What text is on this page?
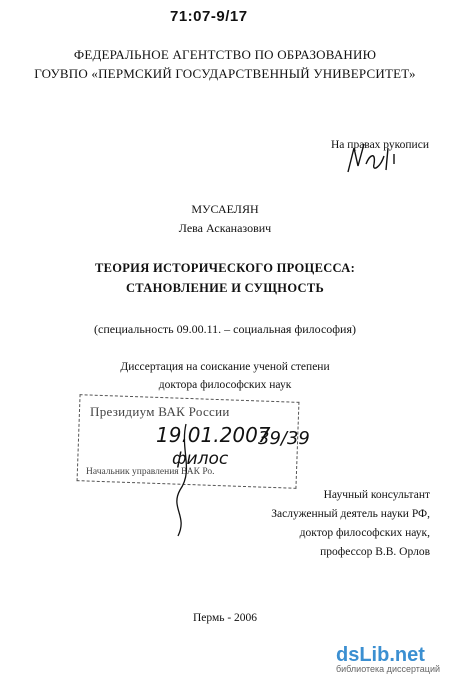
71:07-9/17
ФЕДЕРАЛЬНОЕ АГЕНТСТВО ПО ОБРАЗОВАНИЮ
ГОУВПО «ПЕРМСКИЙ ГОСУДАРСТВЕННЫЙ УНИВЕРСИТЕТ»
На правах рукописи
МУСАЕЛЯН
Лева Асканазович
ТЕОРИЯ ИСТОРИЧЕСКОГО ПРОЦЕССА:
СТАНОВЛЕНИЕ И СУЩНОСТЬ
(специальность 09.00.11. – социальная философия)
Диссертация на соискание ученой степени
доктора философских наук
Президиум ВАК России
19.01.2007
39/39
филос
Начальник управления ВАК Ро.
Научный консультант
Заслуженный деятель науки РФ,
доктор философских наук,
профессор В.В. Орлов
Пермь - 2006
dsLib.net
библиотека диссертаций
